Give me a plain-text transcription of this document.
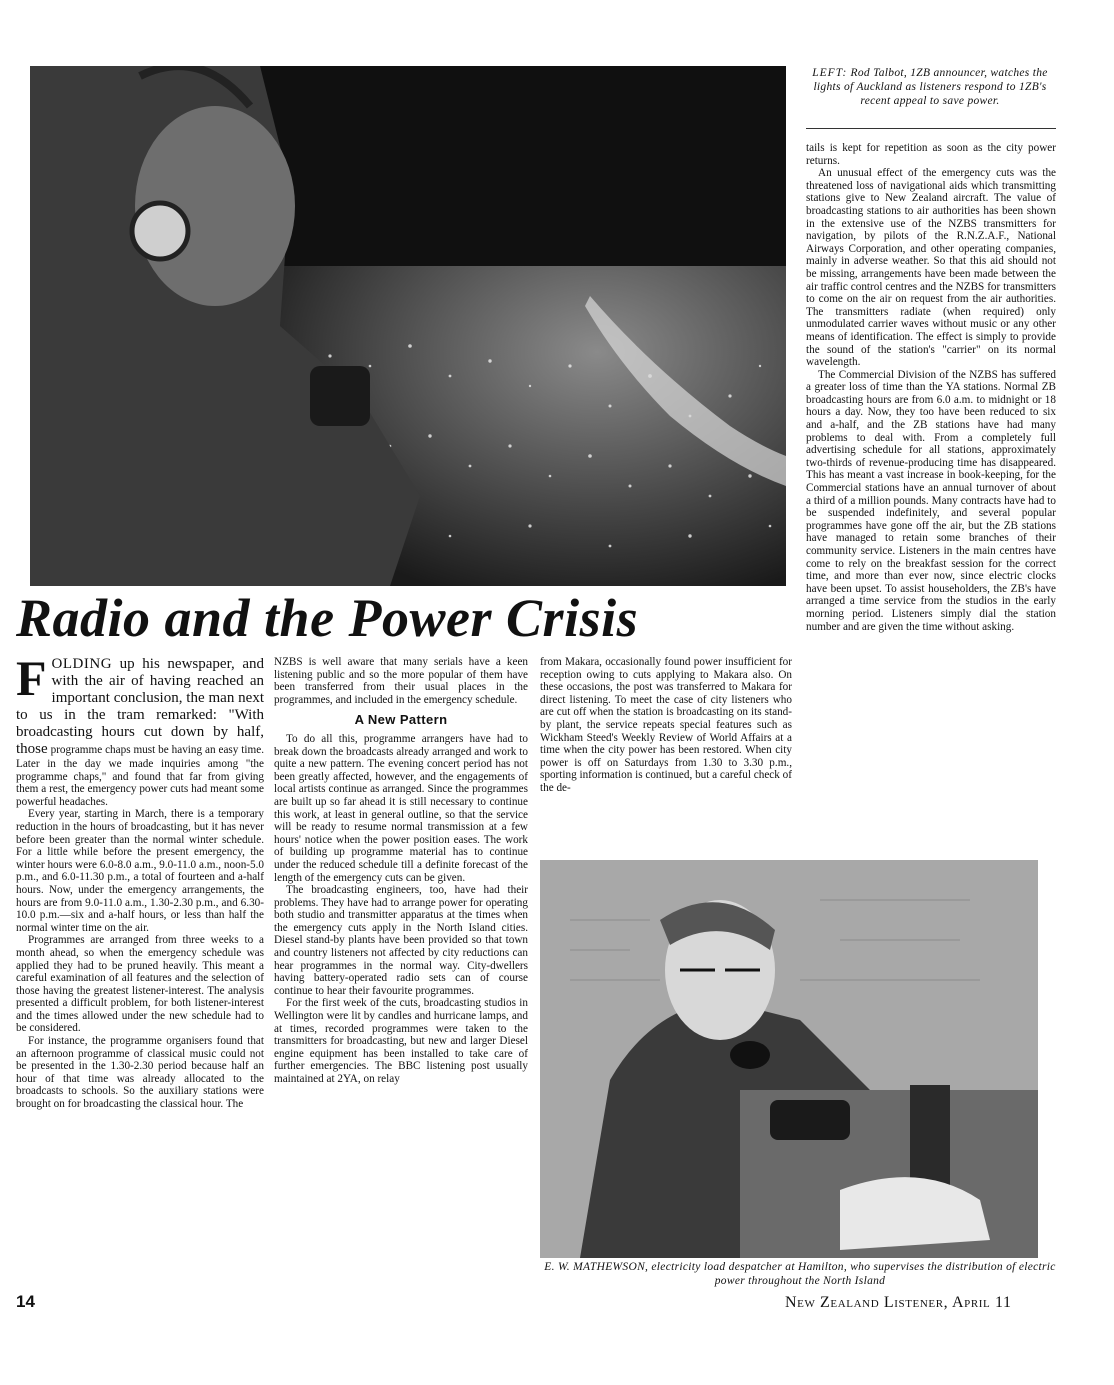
LEFT: Rod Talbot, 1ZB announcer, watches the lights of Auckland as listeners respond to 1ZB's recent appeal to save power.

tails is kept for repetition as soon as the city power returns.

An unusual effect of the emergency cuts was the threatened loss of navigational aids which transmitting stations give to New Zealand aircraft. The value of broadcasting stations to air authorities has been shown in the extensive use of the NZBS transmitters for navigation, by pilots of the R.N.Z.A.F., National Airways Corporation, and other operating companies, mainly in adverse weather. So that this aid should not be missing, arrangements have been made between the air traffic control centres and the NZBS for transmitters to come on the air on request from the air authorities. The transmitters radiate (when required) only unmodulated carrier waves without music or any other means of identification. The effect is simply to provide the sound of the station's "carrier" on its normal wavelength.

The Commercial Division of the NZBS has suffered a greater loss of time than the YA stations. Normal ZB broadcasting hours are from 6.0 a.m. to midnight or 18 hours a day. Now, they too have been reduced to six and a-half, and the ZB stations have had many problems to deal with. From a completely full advertising schedule for all stations, approximately two-thirds of revenue-producing time has disappeared. This has meant a vast increase in book-keeping, for the Commercial stations have an annual turnover of about a third of a million pounds. Many contracts have had to be suspended indefinitely, and several popular programmes have gone off the air, but the ZB stations have managed to retain some branches of their community service. Listeners in the main centres have come to rely on the breakfast session for the correct time, and more than ever now, since electric clocks have been upset. To assist householders, the ZB's have arranged a time service from the studios in the early morning period. Listeners simply dial the station number and are given the time without asking.

Radio and the Power Crisis

FOLDING up his newspaper, and with the air of having reached an important conclusion, the man next to us in the tram remarked: "With broadcasting hours cut down by half, those programme chaps must be having an easy time. Later in the day we made inquiries among "the programme chaps," and found that far from giving them a rest, the emergency power cuts had meant some powerful headaches.

Every year, starting in March, there is a temporary reduction in the hours of broadcasting, but it has never before been greater than the normal winter schedule. For a little while before the present emergency, the winter hours were 6.0-8.0 a.m., 9.0-11.0 a.m., noon-5.0 p.m., and 6.0-11.30 p.m., a total of fourteen and a-half hours. Now, under the emergency arrangements, the hours are from 9.0-11.0 a.m., 1.30-2.30 p.m., and 6.30-10.0 p.m.—six and a-half hours, or less than half the normal winter time on the air.

Programmes are arranged from three weeks to a month ahead, so when the emergency schedule was applied they had to be pruned heavily. This meant a careful examination of all features and the selection of those having the greatest listener-interest. The analysis presented a difficult problem, for both listener-interest and the times allowed under the new schedule had to be considered.

For instance, the programme organisers found that an afternoon programme of classical music could not be presented in the 1.30-2.30 period because half an hour of that time was already allocated to the broadcasts to schools. So the auxiliary stations were brought on for broadcasting the classical hour. The

NZBS is well aware that many serials have a keen listening public and so the more popular of them have been transferred from their usual places in the programmes, and included in the emergency schedule.

A New Pattern

To do all this, programme arrangers have had to break down the broadcasts already arranged and work to quite a new pattern. The evening concert period has not been greatly affected, however, and the engagements of local artists continue as arranged. Since the programmes are built up so far ahead it is still necessary to continue this work, at least in general outline, so that the service will be ready to resume normal transmission at a few hours' notice when the power position eases. The work of building up programme material has to continue under the reduced schedule till a definite forecast of the length of the emergency cuts can be given.

The broadcasting engineers, too, have had their problems. They have had to arrange power for operating both studio and transmitter apparatus at the times when the emergency cuts apply in the North Island cities. Diesel stand-by plants have been provided so that town and country listeners not affected by city reductions can hear programmes in the normal way. City-dwellers having battery-operated radio sets can of course continue to hear their favourite programmes.

For the first week of the cuts, broadcasting studios in Wellington were lit by candles and hurricane lamps, and at times, recorded programmes were taken to the transmitters for broadcasting, but new and larger Diesel engine equipment has been installed to take care of further emergencies. The BBC listening post usually maintained at 2YA, on relay

from Makara, occasionally found power insufficient for reception owing to cuts applying to Makara also. On these occasions, the post was transferred to Makara for direct listening. To meet the case of city listeners who are cut off when the station is broadcasting on its stand-by plant, the service repeats special features such as Wickham Steed's Weekly Review of World Affairs at a time when the city power has been restored. When city power is off on Saturdays from 1.30 to 3.30 p.m., sporting information is continued, but a careful check of the de-

E. W. MATHEWSON, electricity load despatcher at Hamilton, who supervises the distribution of electric power throughout the North Island
14	New Zealand Listener, April 11
